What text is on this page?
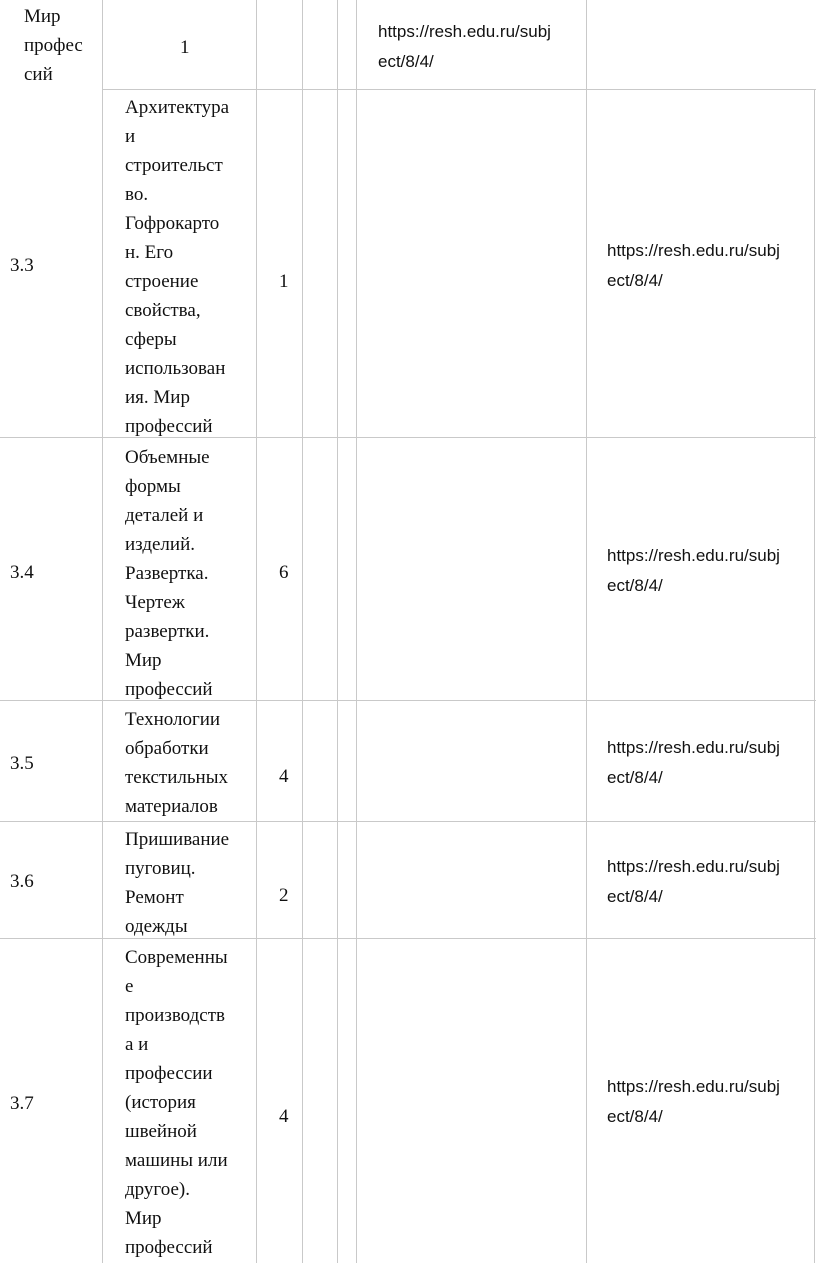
Мир
профес
сий
1
https://resh.edu.ru/subj
ect/8/4/
3.3
Архитектура
и
строительст
во.
Гофрокарто
н. Его
строение
свойства,
сферы
использован
ия. Мир
профессий
1
https://resh.edu.ru/subj
ect/8/4/
3.4
Объемные
формы
деталей и
изделий.
Развертка.
Чертеж
развертки.
Мир
профессий
6
https://resh.edu.ru/subj
ect/8/4/
3.5
Технологии
обработки
текстильных
материалов
4
https://resh.edu.ru/subj
ect/8/4/
3.6
Пришивание
пуговиц.
Ремонт
одежды
2
https://resh.edu.ru/subj
ect/8/4/
3.7
Современны
е
производств
а и
профессии
(история
швейной
машины или
другое).
Мир
профессий
4
https://resh.edu.ru/subj
ect/8/4/
